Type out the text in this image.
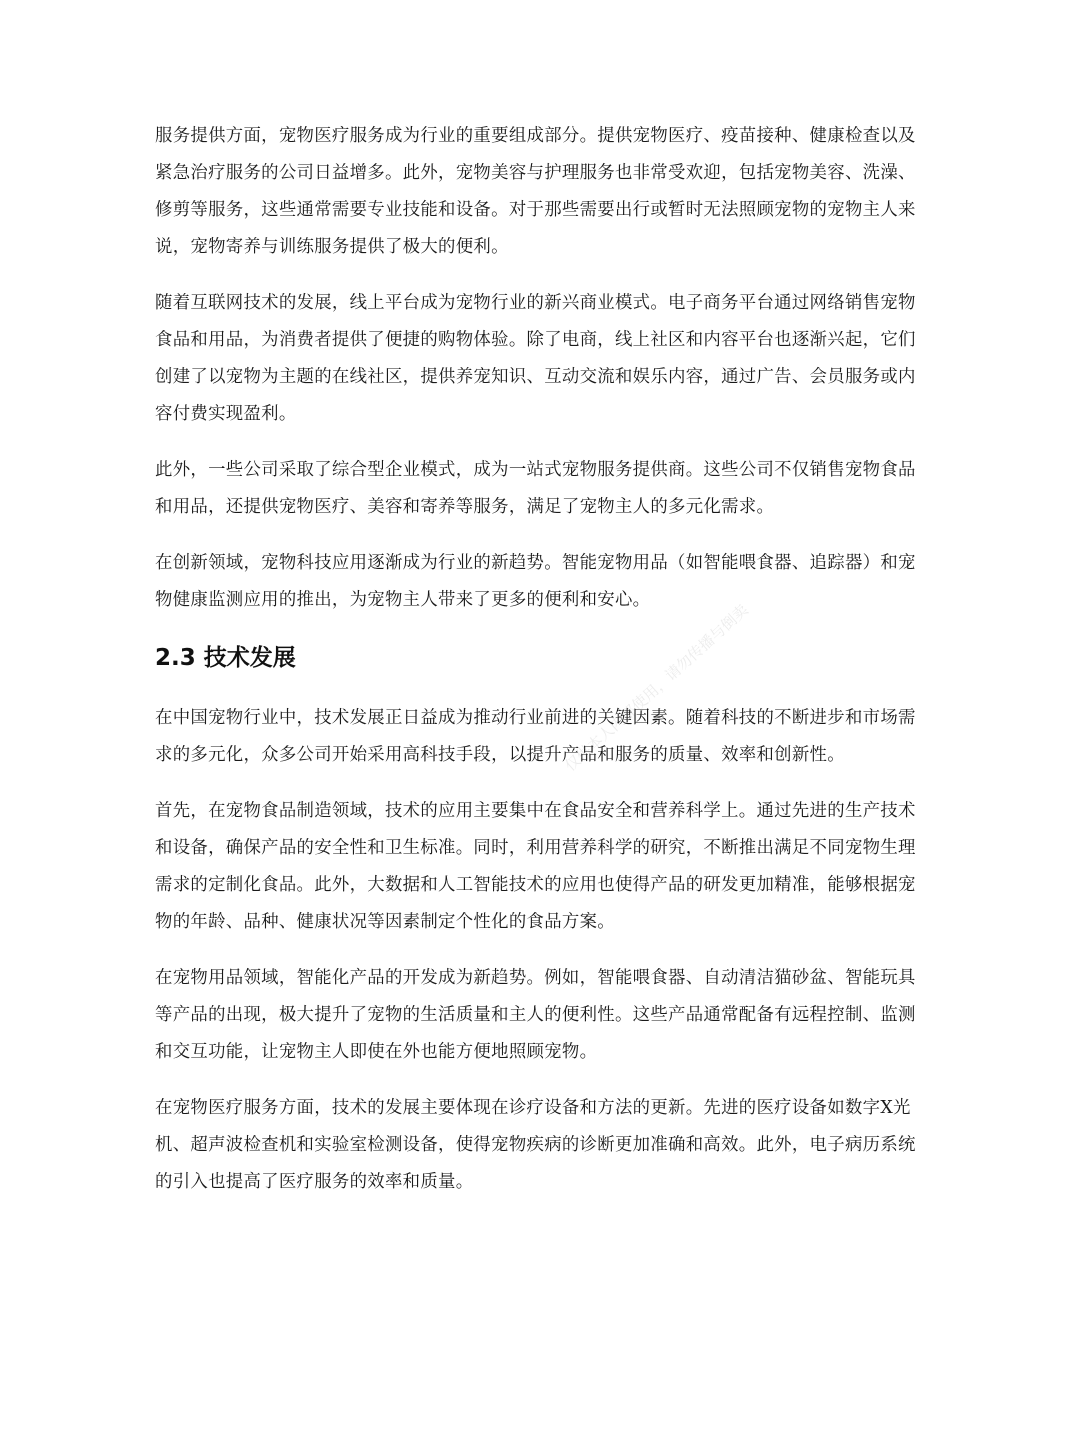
服务提供方面，宠物医疗服务成为行业的重要组成部分。提供宠物医疗、疫苗接种、健康检查以及紧急治疗服务的公司日益增多。此外，宠物美容与护理服务也非常受欢迎，包括宠物美容、洗澡、修剪等服务，这些通常需要专业技能和设备。对于那些需要出行或暂时无法照顾宠物的宠物主人来说，宠物寄养与训练服务提供了极大的便利。

随着互联网技术的发展，线上平台成为宠物行业的新兴商业模式。电子商务平台通过网络销售宠物食品和用品，为消费者提供了便捷的购物体验。除了电商，线上社区和内容平台也逐渐兴起，它们创建了以宠物为主题的在线社区，提供养宠知识、互动交流和娱乐内容，通过广告、会员服务或内容付费实现盈利。

此外，一些公司采取了综合型企业模式，成为一站式宠物服务提供商。这些公司不仅销售宠物食品和用品，还提供宠物医疗、美容和寄养等服务，满足了宠物主人的多元化需求。

在创新领域，宠物科技应用逐渐成为行业的新趋势。智能宠物用品（如智能喂食器、追踪器）和宠物健康监测应用的推出，为宠物主人带来了更多的便利和安心。

2.3 技术发展

在中国宠物行业中，技术发展正日益成为推动行业前进的关键因素。随着科技的不断进步和市场需求的多元化，众多公司开始采用高科技手段，以提升产品和服务的质量、效率和创新性。

首先，在宠物食品制造领域，技术的应用主要集中在食品安全和营养科学上。通过先进的生产技术和设备，确保产品的安全性和卫生标准。同时，利用营养科学的研究，不断推出满足不同宠物生理需求的定制化食品。此外，大数据和人工智能技术的应用也使得产品的研发更加精准，能够根据宠物的年龄、品种、健康状况等因素制定个性化的食品方案。

在宠物用品领域，智能化产品的开发成为新趋势。例如，智能喂食器、自动清洁猫砂盆、智能玩具等产品的出现，极大提升了宠物的生活质量和主人的便利性。这些产品通常配备有远程控制、监测和交互功能，让宠物主人即使在外也能方便地照顾宠物。

在宠物医疗服务方面，技术的发展主要体现在诊疗设备和方法的更新。先进的医疗设备如数字X光机、超声波检查机和实验室检测设备，使得宠物疾病的诊断更加准确和高效。此外，电子病历系统的引入也提高了医疗服务的效率和质量。

仅供本人内部使用，请勿传播与倒卖
